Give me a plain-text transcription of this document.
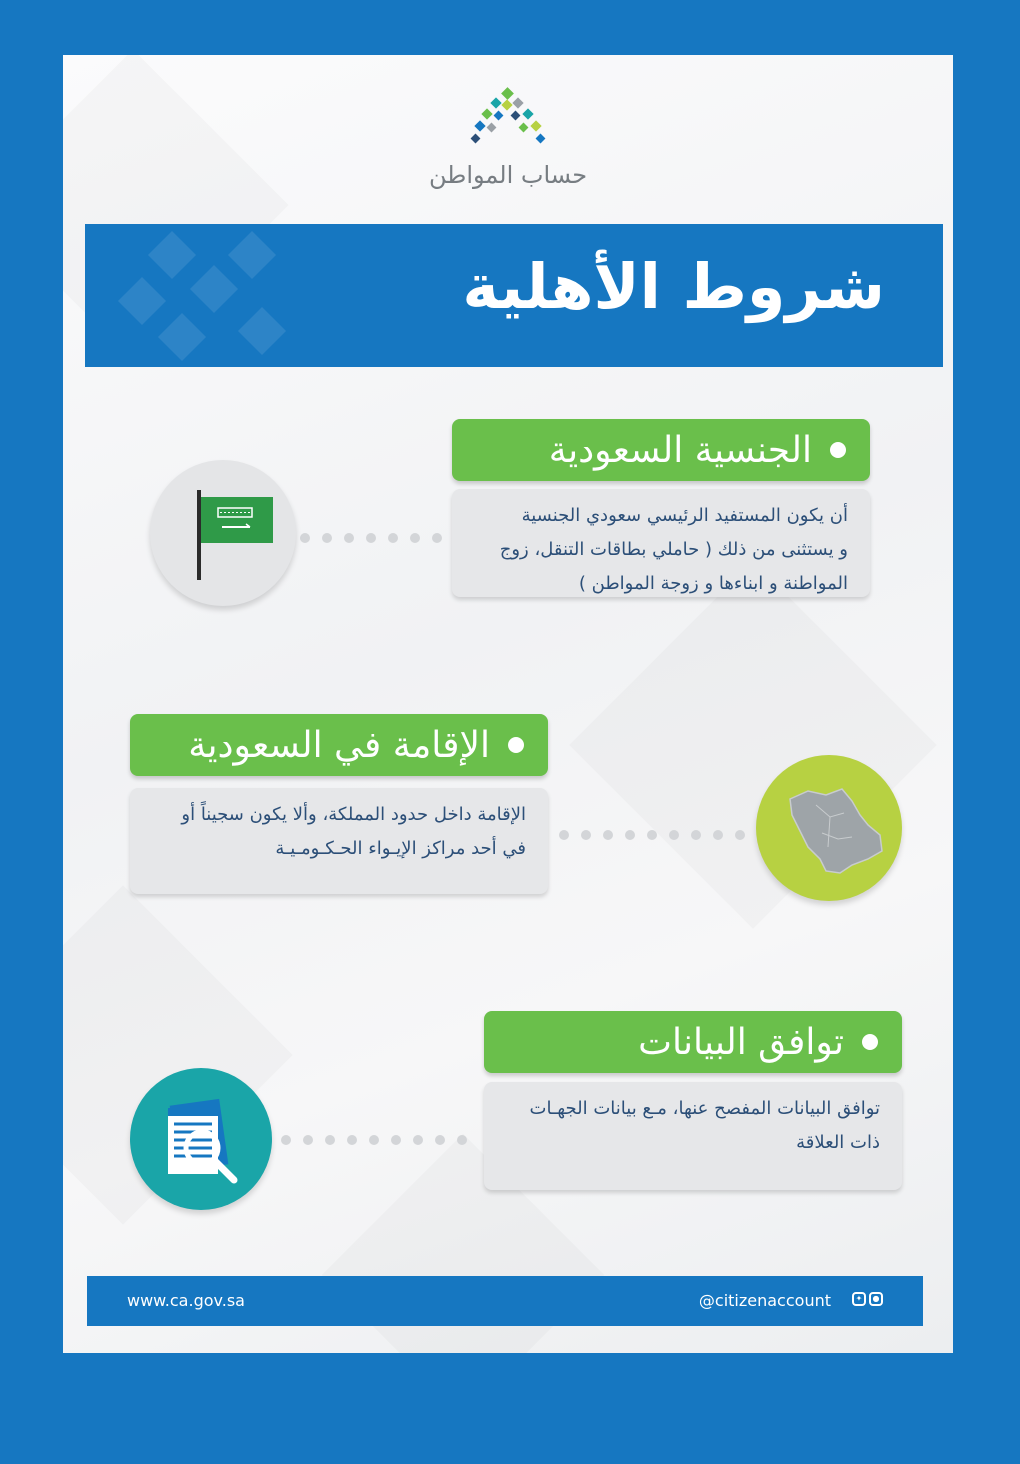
حساب المواطن
شروط الأهلية
الجنسية السعودية

أن يكون المستفيد الرئيسي سعودي الجنسية

و يستثنى من ذلك ( حاملي بطاقات التنقل، زوج

المواطنة و ابناءها و زوجة المواطن )

الإقامة في السعودية

الإقامة داخل حدود المملكة، وألا يكون سجيناً أو

في أحد مراكز الإيـواء الحـكـومـيـة

توافق البيانات

توافق البيانات المفصح عنها، مـع بيانات الجهـات

ذات العلاقة

www.ca.gov.sa	@citizenaccount	✦	●
